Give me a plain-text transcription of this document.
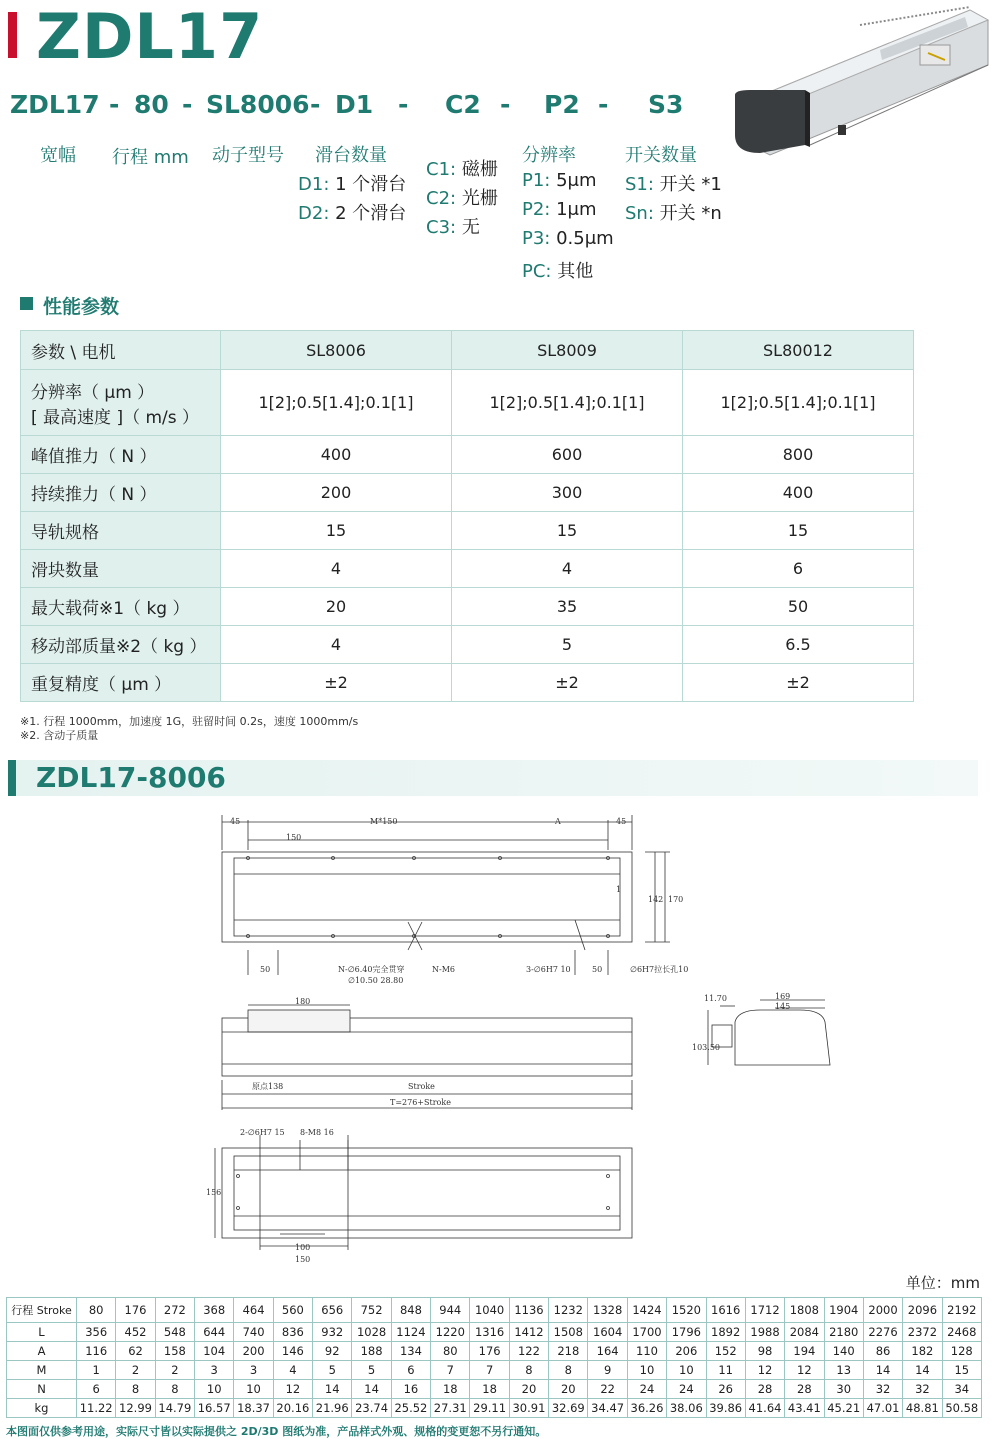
ZDL17
ZDL17 - 80 - SL8006 - D1 - C2 - P2 - S3
宽幅 行程 mm 动子型号 滑台数量	分辨率	开关数量
D1: 1 个滑台
D2: 2 个滑台
C1: 磁栅
C2: 光栅
C3: 无
P1: 5μm
P2: 1μm
P3: 0.5μm
PC: 其他
S1: 开关 *1
Sn: 开关 *n
性能参数
参数 \ 电机	SL8006	SL8009	SL80012

分辨率（ μm ）
[ 最高速度 ]（ m/s ）	1[2];0.5[1.4];0.1[1]	1[2];0.5[1.4];0.1[1]	1[2];0.5[1.4];0.1[1]
峰值推力（ N ）	400	600	800
持续推力（ N ）	200	300	400
导轨规格	15	15	15
滑块数量	4	4	6
最大载荷※1（ kg ）	20	35	50
移动部质量※2（ kg ）	4	5	6.5
重复精度（ μm ）	±2	±2	±2
※1. 行程 1000mm，加速度 1G，驻留时间 0.2s，速度 1000mm/s
※2. 含动子质量
ZDL17-8006
45	M*150	A	45
150
1
142 170
50	N-∅6.40完全贯穿
∅10.50 28.80
N-M6	3-∅6H7 10	50	∅6H7拉长孔10
180
原点138	Stroke
T=276+Stroke
11.70	169
145
103.50
2-∅6H7 15 8-M8 16
156
100
150
单位：mm
行程 Stroke	80	176	272	368	464	560	656	752	848	944	1040	1136	1232	1328	1424	1520	1616	1712	1808	1904	2000	2096	2192
L	356	452	548	644	740	836	932	1028	1124	1220	1316	1412	1508	1604	1700	1796	1892	1988	2084	2180	2276	2372	2468
A	116	62	158	104	200	146	92	188	134	80	176	122	218	164	110	206	152	98	194	140	86	182	128
M	1	2	2	3	3	4	5	5	6	7	7	8	8	9	10	10	11	12	12	13	14	14	15
N	6	8	8	10	10	12	14	14	16	18	18	20	20	22	24	24	26	28	28	30	32	32	34
kg	11.22	12.99	14.79	16.57	18.37	20.16	21.96	23.74	25.52	27.31	29.11	30.91	32.69	34.47	36.26	38.06	39.86	41.64	43.41	45.21	47.01	48.81	50.58
本图面仅供参考用途，实际尺寸皆以实际提供之 2D/3D 图纸为准，产品样式外观、规格的变更恕不另行通知。
